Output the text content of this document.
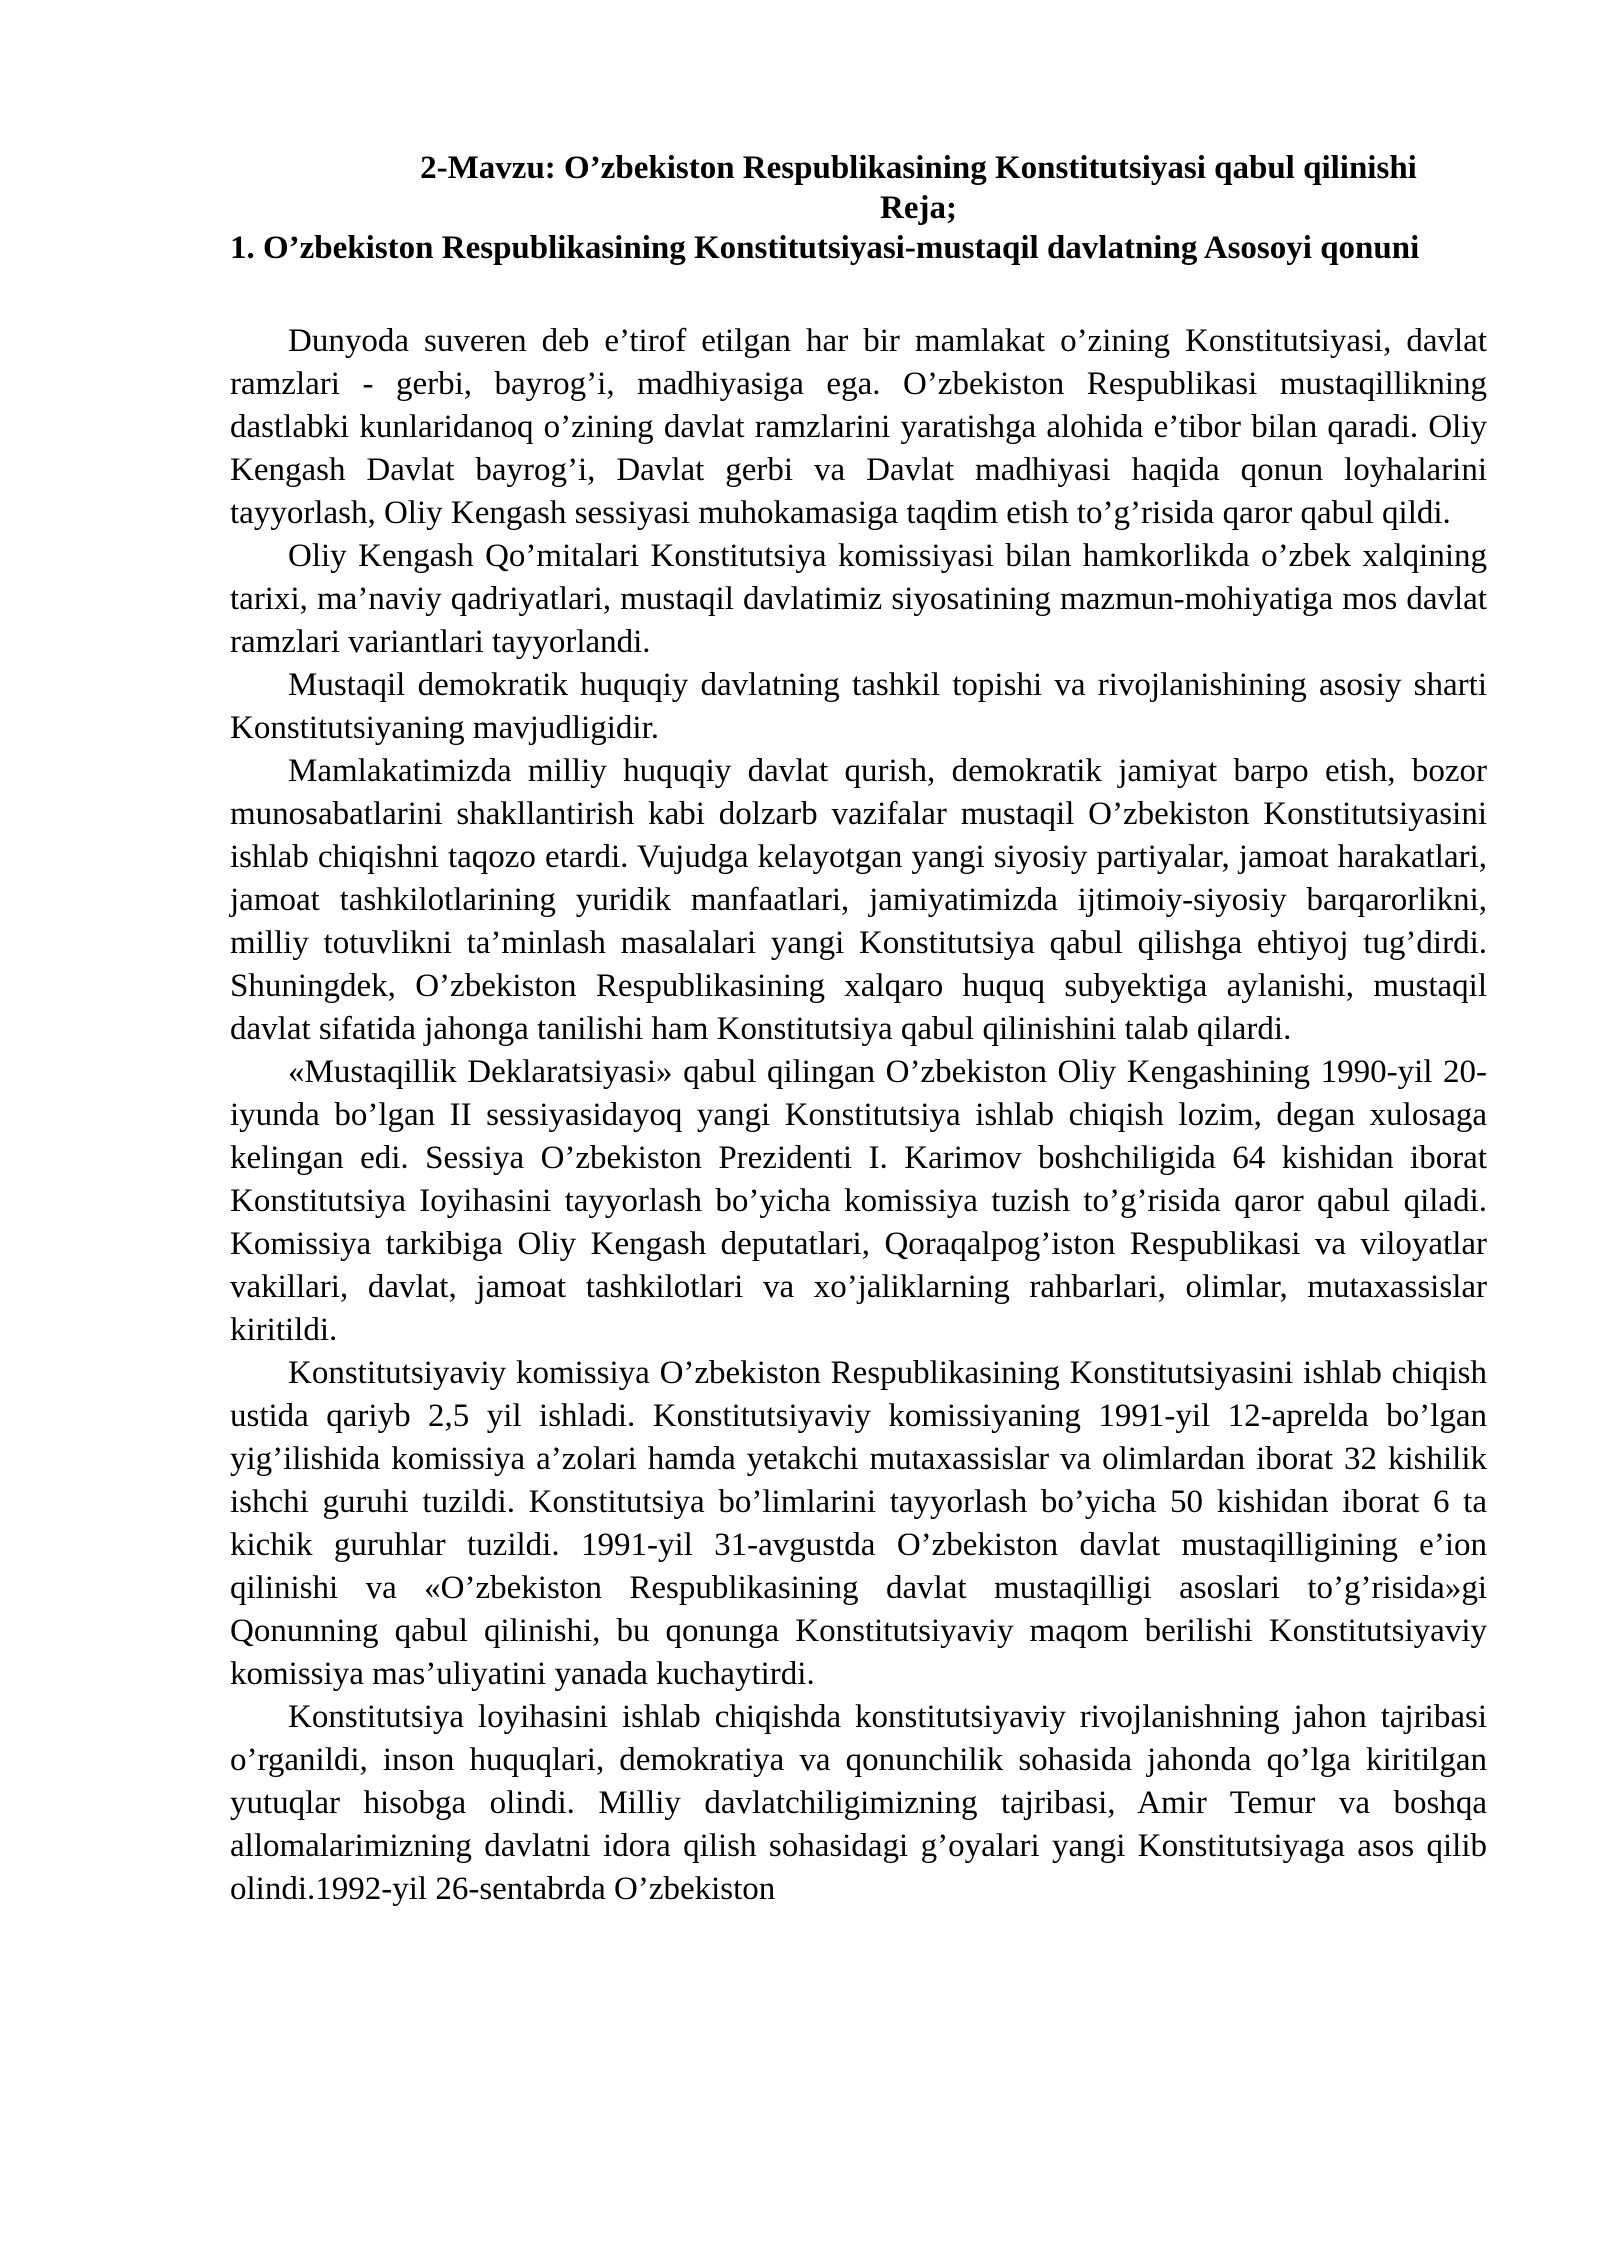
2-Mavzu: O’zbekiston Respublikasining Konstitutsiyasi qabul qilinishi

Reja;

1. O’zbekiston Respublikasining Konstitutsiyasi-mustaqil davlatning Asosoyi qonuni

Dunyoda suveren deb e’tirof etilgan har bir mamlakat o’zining Konstitutsiyasi, davlat ramzlari - gerbi, bayrog’i, madhiyasiga ega. O’zbekiston Respublikasi mustaqillikning dastlabki kunlaridanoq o’zining davlat ramzlarini yaratishga alohida e’tibor bilan qaradi. Oliy Kengash Davlat bayrog’i, Davlat gerbi va Davlat madhiyasi haqida qonun loyhalarini tayyorlash, Oliy Kengash sessiyasi muhokamasiga taqdim etish to’g’risida qaror qabul qildi.

Oliy Kengash Qo’mitalari Konstitutsiya komissiyasi bilan hamkorlikda o’zbek xalqining tarixi, ma’naviy qadriyatlari, mustaqil davlatimiz siyosatining mazmun-mohiyatiga mos davlat ramzlari variantlari tayyorlandi.

Mustaqil demokratik huquqiy davlatning tashkil topishi va rivojlanishining asosiy sharti Konstitutsiyaning mavjudligidir.

Mamlakatimizda milliy huquqiy davlat qurish, demokratik jamiyat barpo etish, bozor munosabatlarini shakllantirish kabi dolzarb vazifalar mustaqil O’zbekiston Konstitutsiyasini ishlab chiqishni taqozo etardi. Vujudga kelayotgan yangi siyosiy partiyalar, jamoat harakatlari, jamoat tashkilotlarining yuridik manfaatlari, jamiyatimizda ijtimoiy-siyosiy barqarorlikni, milliy totuvlikni ta’minlash masalalari yangi Konstitutsiya qabul qilishga ehtiyoj tug’dirdi. Shuningdek, O’zbekiston Respublikasining xalqaro huquq subyektiga aylanishi, mustaqil davlat sifatida jahonga tanilishi ham Konstitutsiya qabul qilinishini talab qilardi.

«Mustaqillik Deklaratsiyasi» qabul qilingan O’zbekiston Oliy Kengashining 1990-yil 20-iyunda bo’lgan II sessiyasidayoq yangi Konstitutsiya ishlab chiqish lozim, degan xulosaga kelingan edi. Sessiya O’zbekiston Prezidenti I. Karimov boshchiligida 64 kishidan iborat Konstitutsiya Ioyihasini tayyorlash bo’yicha komissiya tuzish to’g’risida qaror qabul qiladi. Komissiya tarkibiga Oliy Kengash deputatlari, Qoraqalpog’iston Respublikasi va viloyatlar vakillari, davlat, jamoat tashkilotlari va xo’jaliklarning rahbarlari, olimlar, mutaxassislar kiritildi.

Konstitutsiyaviy komissiya O’zbekiston Respublikasining Konstitutsiyasini ishlab chiqish ustida qariyb 2,5 yil ishladi. Konstitutsiyaviy komissiyaning 1991-yil 12-aprelda bo’lgan yig’ilishida komissiya a’zolari hamda yetakchi mutaxassislar va olimlardan iborat 32 kishilik ishchi guruhi tuzildi. Konstitutsiya bo’limlarini tayyorlash bo’yicha 50 kishidan iborat 6 ta kichik guruhlar tuzildi. 1991-yil 31-avgustda O’zbekiston davlat mustaqilligining e’ion qilinishi va «O’zbekiston Respublikasining davlat mustaqilligi asoslari to’g’risida»gi Qonunning qabul qilinishi, bu qonunga Konstitutsiyaviy maqom berilishi Konstitutsiyaviy komissiya mas’uliyatini yanada kuchaytirdi.

Konstitutsiya loyihasini ishlab chiqishda konstitutsiyaviy rivojlanishning jahon tajribasi o’rganildi, inson huquqlari, demokratiya va qonunchilik sohasida jahonda qo’lga kiritilgan yutuqlar hisobga olindi. Milliy davlatchiligimizning tajribasi, Amir Temur va boshqa allomalarimizning davlatni idora qilish sohasidagi g’oyalari yangi Konstitutsiyaga asos qilib olindi.1992-yil 26-sentabrda O’zbekiston
